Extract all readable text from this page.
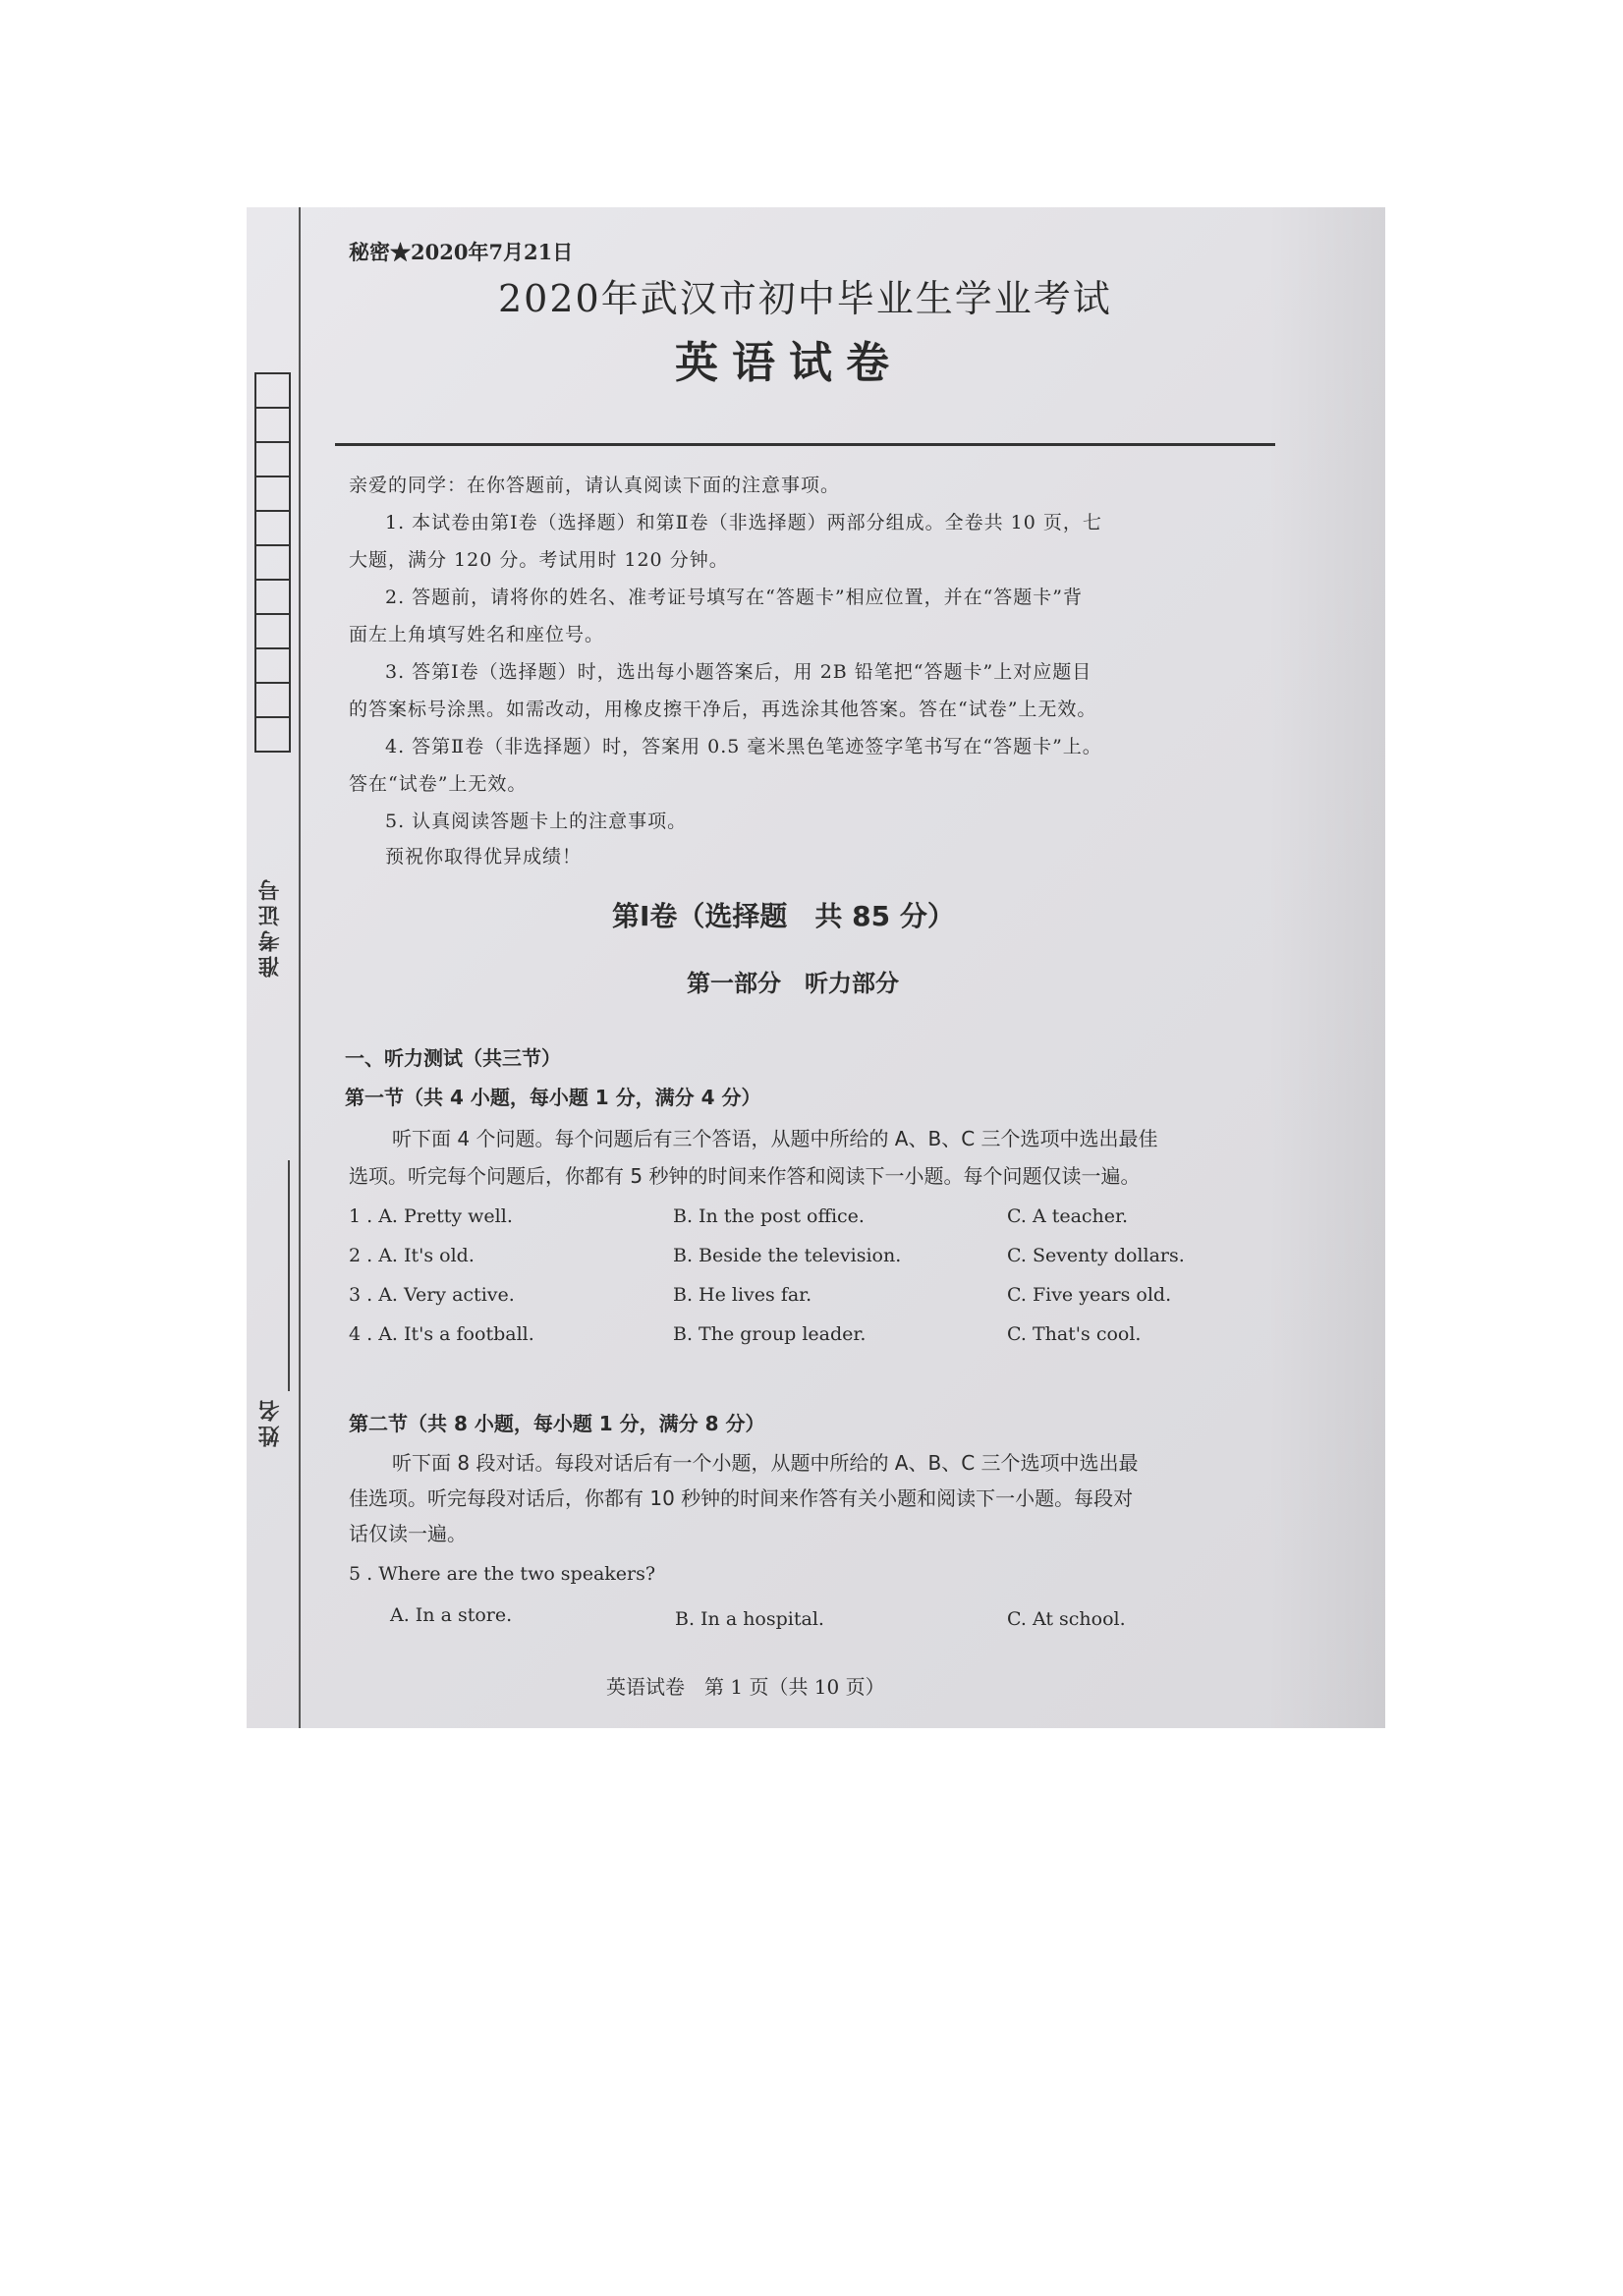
准考证号
姓名
秘密★2020年7月21日
2020年武汉市初中毕业生学业考试
英语试卷
亲爱的同学：在你答题前，请认真阅读下面的注意事项。
1. 本试卷由第Ⅰ卷（选择题）和第Ⅱ卷（非选择题）两部分组成。全卷共 10 页，七
大题，满分 120 分。考试用时 120 分钟。
2. 答题前，请将你的姓名、准考证号填写在“答题卡”相应位置，并在“答题卡”背
面左上角填写姓名和座位号。
3. 答第Ⅰ卷（选择题）时，选出每小题答案后，用 2B 铅笔把“答题卡”上对应题目
的答案标号涂黑。如需改动，用橡皮擦干净后，再选涂其他答案。答在“试卷”上无效。
4. 答第Ⅱ卷（非选择题）时，答案用 0.5 毫米黑色笔迹签字笔书写在“答题卡”上。
答在“试卷”上无效。
5. 认真阅读答题卡上的注意事项。
预祝你取得优异成绩！
第Ⅰ卷（选择题　共 85 分）
第一部分　听力部分
一、听力测试（共三节）
第一节（共 4 小题，每小题 1 分，满分 4 分）
听下面 4 个问题。每个问题后有三个答语，从题中所给的 A、B、C 三个选项中选出最佳
选项。听完每个问题后，你都有 5 秒钟的时间来作答和阅读下一小题。每个问题仅读一遍。
1 . A. Pretty well.	B. In the post office.	C. A teacher.
2 . A. It's old.	B. Beside the television.	C. Seventy dollars.
3 . A. Very active.	B. He lives far.	C. Five years old.
4 . A. It's a football.	B. The group leader.	C. That's cool.
第二节（共 8 小题，每小题 1 分，满分 8 分）
听下面 8 段对话。每段对话后有一个小题，从题中所给的 A、B、C 三个选项中选出最
佳选项。听完每段对话后，你都有 10 秒钟的时间来作答有关小题和阅读下一小题。每段对
话仅读一遍。
5 . Where are the two speakers?
A. In a store.	B. In a hospital.	C. At school.
英语试卷　第 1 页（共 10 页）
